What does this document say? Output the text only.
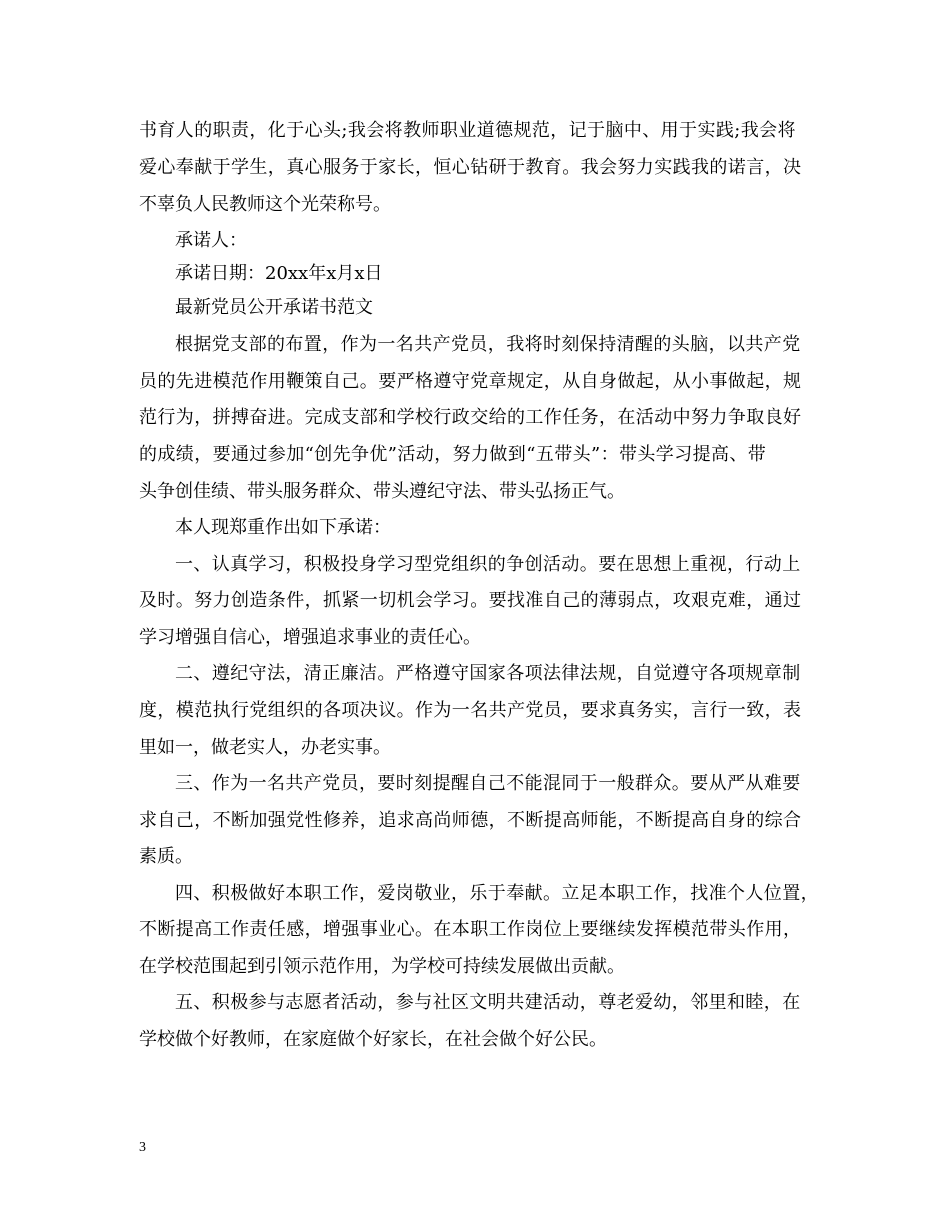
书育人的职责，化于心头;我会将教师职业道德规范，记于脑中、用于实践;我会将
爱心奉献于学生，真心服务于家长，恒心钻研于教育。我会努力实践我的诺言，决
不辜负人民教师这个光荣称号。
承诺人：
承诺日期：20xx年x月x日
最新党员公开承诺书范文
根据党支部的布置，作为一名共产党员，我将时刻保持清醒的头脑，以共产党
员的先进模范作用鞭策自己。要严格遵守党章规定，从自身做起，从小事做起，规
范行为，拼搏奋进。完成支部和学校行政交给的工作任务，在活动中努力争取良好
的成绩，要通过参加“创先争优”活动，努力做到“五带头”：带头学习提高、带
头争创佳绩、带头服务群众、带头遵纪守法、带头弘扬正气。
本人现郑重作出如下承诺：
一、认真学习，积极投身学习型党组织的争创活动。要在思想上重视，行动上
及时。努力创造条件，抓紧一切机会学习。要找准自己的薄弱点，攻艰克难，通过
学习增强自信心，增强追求事业的责任心。
二、遵纪守法，清正廉洁。严格遵守国家各项法律法规，自觉遵守各项规章制
度，模范执行党组织的各项决议。作为一名共产党员，要求真务实，言行一致，表
里如一，做老实人，办老实事。
三、作为一名共产党员，要时刻提醒自己不能混同于一般群众。要从严从难要
求自己，不断加强党性修养，追求高尚师德，不断提高师能，不断提高自身的综合
素质。
四、积极做好本职工作，爱岗敬业，乐于奉献。立足本职工作，找准个人位置，
不断提高工作责任感，增强事业心。在本职工作岗位上要继续发挥模范带头作用，
在学校范围起到引领示范作用，为学校可持续发展做出贡献。
五、积极参与志愿者活动，参与社区文明共建活动，尊老爱幼，邻里和睦，在
学校做个好教师，在家庭做个好家长，在社会做个好公民。
3
